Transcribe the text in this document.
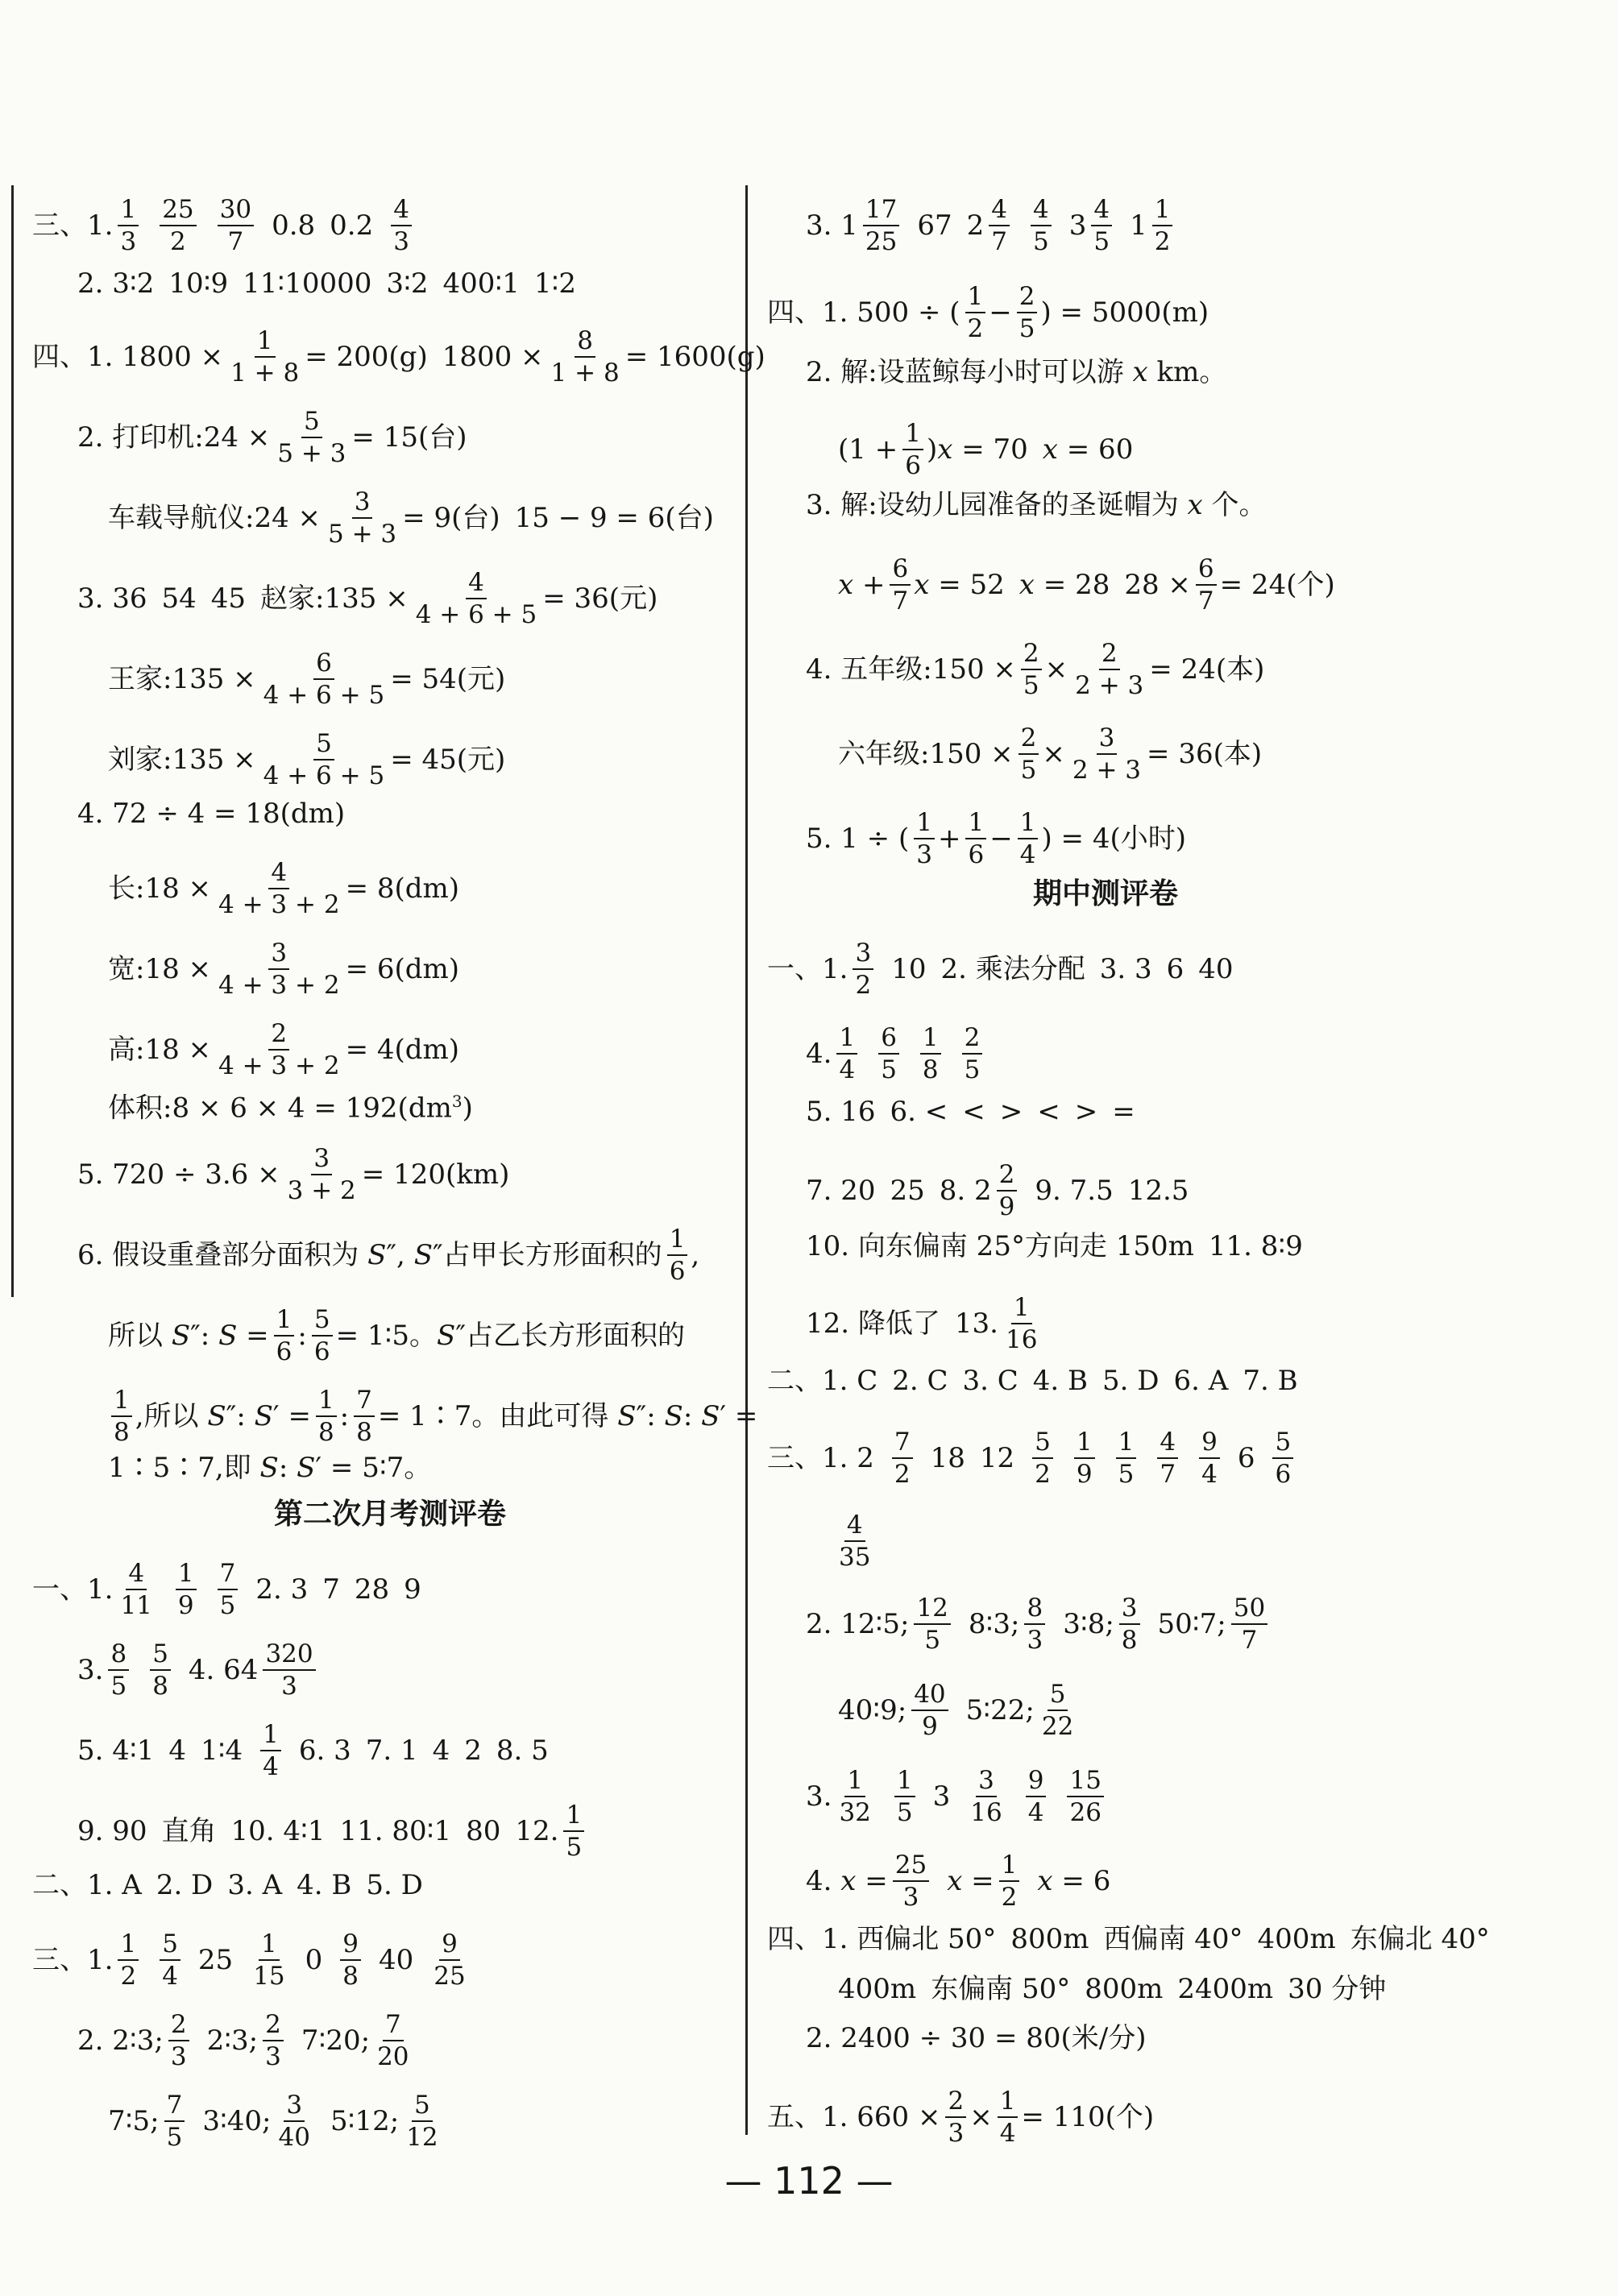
三、1. $\frac{1}{3} \frac{25}{2} \frac{30}{7} 0.8$ $0.2 \frac{4}{3}$
2. 3∶2 10∶9 11∶10000 3∶2 400∶1 1∶2
四、1. $1800 \times \frac{1}{1 + 8} = 200(g) 1800 \times \frac{8}{1 + 8} = 1600(g)$
2. 打印机:24 × $\frac{5}{5 + 3} = 15$(台)
车载导航仪:24 × $\frac{3}{5 + 3} = 9$(台) 15 − 9 = 6(台)
3. 36 54 45 赵家:135 × $\frac{4}{4 + 6 + 5} = 36$(元)
王家:135 × $\frac{6}{4 + 6 + 5} = 54$(元)
刘家:135 × $\frac{5}{4 + 6 + 5} = 45$(元)
4. 72 ÷ 4 = 18(dm)
长:18 × $\frac{4}{4 + 3 + 2} = 8(dm)$
宽:18 × $\frac{3}{4 + 3 + 2} = 6(dm)$
高:18 × $\frac{2}{4 + 3 + 2} = 4(dm)$
体积:8 × $6 \times 4 = 192(dm^3)$
5. $720 \div 3.6 \times \frac{3}{3 + 2} = 120(km)$
6. 假设重叠部分面积为 S″, S″占甲长方形面积的 $\frac{1}{6}$ ,
所以 S″: $S = \frac{1}{6}$ : $\frac{5}{6}$ = 1∶5。S″占乙长方形面积的
$\frac{1}{8}$ ,所以 S″: $S' = \frac{1}{8}$ : $\frac{7}{8}$ = 1∶7。由此可得 S″: S: S′ =
1∶5∶7,即 S: S′ = 5∶7。
第二次月考测评卷
一、1. $\frac{4}{11} \frac{1}{9} \frac{7}{5} 2$. 3 7 28 9
3. $\frac{8}{5} \frac{5}{8} 4$. $64 \frac{320}{3}$
5. 4∶1 4 1∶4 $\frac{1}{4} 6$. 3 7. 1 4 2 8. 5
9. 90 直角 10. 4∶1 11. 80∶1 80 12. $\frac{1}{5}$
二、1. A 2. D 3. A 4. B 5. D
三、1. $\frac{1}{2} \frac{5}{4} 25 \frac{1}{15} 0 \frac{9}{8} 40 \frac{9}{25}$
2. 2∶3; $\frac{2}{3}$ 2∶3; $\frac{2}{3}$ 7∶20; $\frac{7}{20}$
7∶5; $\frac{7}{5}$ 3∶40; $\frac{3}{40}$ 5∶12; $\frac{5}{12}$
3. $1 \frac{17}{25} 67$ $2 \frac{4}{7} \frac{4}{5} 3 \frac{4}{5} 1 \frac{1}{2}$
四、1. 500 ÷ ( $\frac{1}{2} - \frac{2}{5}$ ) = 5000(m)
2. 解:设蓝鲸每小时可以游 x km。
$(1 + \frac{1}{6} )x = 70$ x = 60
3. 解:设幼儿园准备的圣诞帽为 x 个。
$x + \frac{6}{7}$ x = 52 x = 28 $28 \times \frac{6}{7} = 24$(个)
4. 五年级:150 × $\frac{2}{5} \times \frac{2}{2 + 3} = 24$(本)
六年级:150 × $\frac{2}{5} \times \frac{3}{2 + 3} = 36$(本)
5. 1 ÷ ( $\frac{1}{3} + \frac{1}{6} - \frac{1}{4}$ ) = 4(小时)
期中测评卷
一、1. $\frac{3}{2} 10$ 2. 乘法分配 3. 3 6 40
4. $\frac{1}{4} \frac{6}{5} \frac{1}{8} \frac{2}{5}$
5. 16 6. < < > < > =
7. 20 25 8. $2 \frac{2}{9} 9$. 7.5 12.5
10. 向东偏南 25°方向走 150m 11. 8∶9
12. 降低了 13. $\frac{1}{16}$
二、1. C 2. C 3. C 4. B 5. D 6. A 7. B
三、1. $2 \frac{7}{2} 18$ $12 \frac{5}{2} \frac{1}{9} \frac{1}{5} \frac{4}{7} \frac{9}{4} 6 \frac{5}{6}$
$\frac{4}{35}$
2. 12∶5; $\frac{12}{5}$ 8∶3; $\frac{8}{3}$ 3∶8; $\frac{3}{8}$ 50∶7; $\frac{50}{7}$
40∶9; $\frac{40}{9}$ 5∶22; $\frac{5}{22}$
3. $\frac{1}{32} \frac{1}{5} 3 \frac{3}{16} \frac{9}{4} \frac{15}{26}$
4. $x = \frac{25}{3}$ $x = \frac{1}{2}$ x = 6
四、1. 西偏北 50° 800m 西偏南 40° 400m 东偏北 40°
400m 东偏南 50° 800m 2400m 30 分钟
2. 2400 ÷ 30 = 80(米/分)
五、1. $660 \times \frac{2}{3} \times \frac{1}{4} = 110$(个)
— 112 —
